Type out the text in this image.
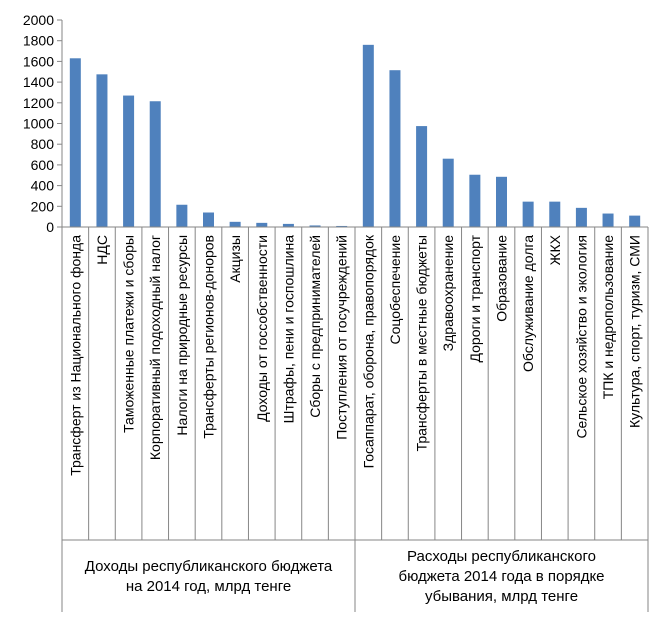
0
200
400
600
800
1000
1200
1400
1600
1800
2000
Трансферт из Национального фонда НДС Таможенные платежи и сборы Корпоративный подоходный налог Налоги на природные ресурсы Трансферты регионов-доноров Акцизы Доходы от госсобственности Штрафы, пени и госпошлина Сборы с предпринимателей Поступления от госучреждений Госаппарат, оборона, правопорядок Соцобеспечение Трансферты в местные бюджеты Здравоохранение Дороги и транспорт Образование Обслуживание долга ЖКХ Сельское хозяйство и экология ТПК и недропользование Культура, спорт, туризм, СМИ
Доходы республиканского бюджета
на 2014 год, млрд тенге
Расходы республиканского
бюджета 2014 года в порядке
убывания, млрд тенге
